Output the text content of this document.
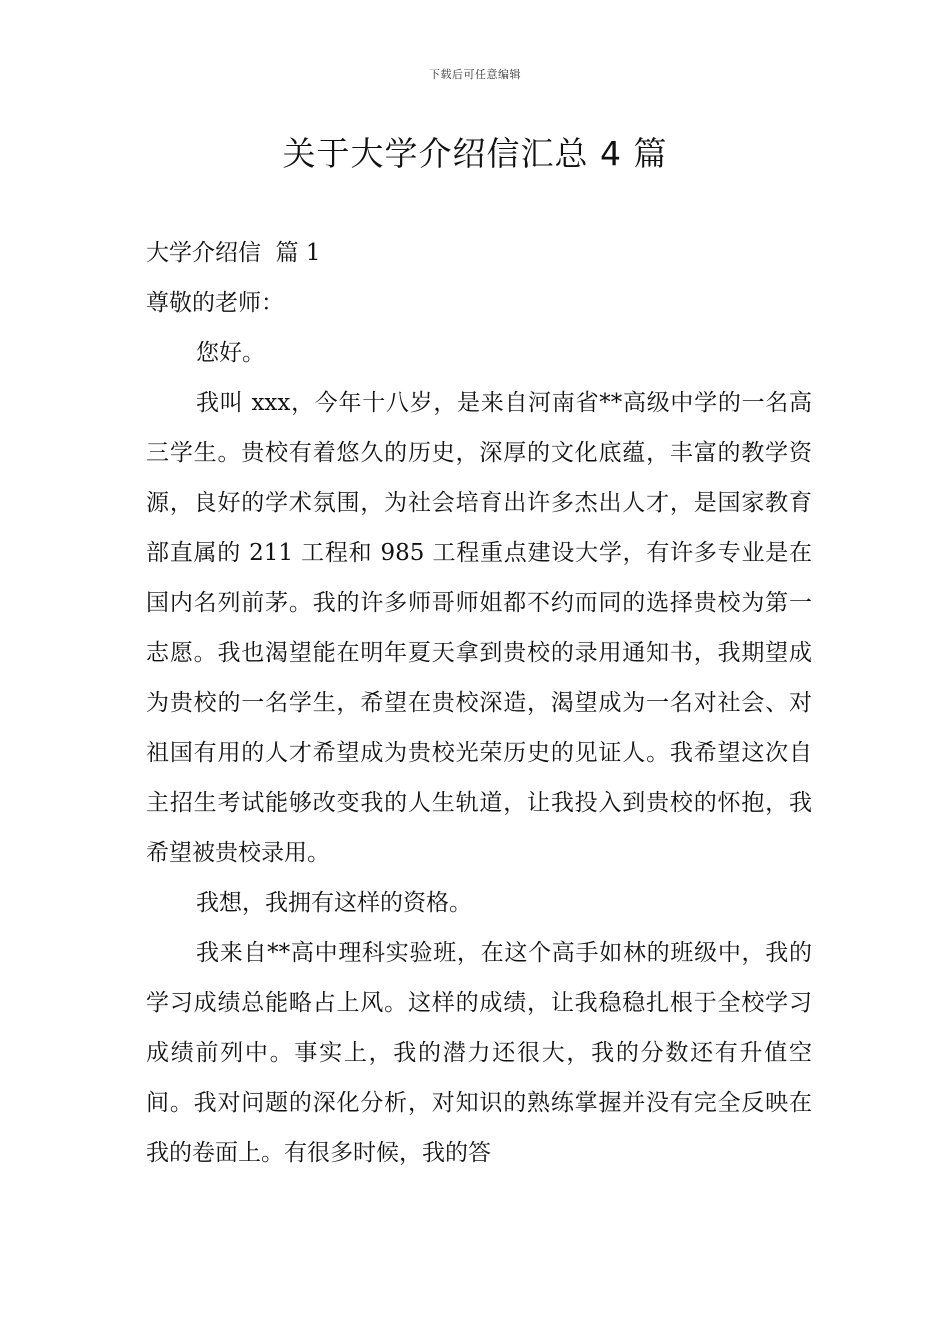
下载后可任意编辑
关于大学介绍信汇总 4 篇

大学介绍信  篇 1

尊敬的老师：

您好。

我叫 xxx，今年十八岁，是来自河南省**高级中学的一名高三学生。贵校有着悠久的历史，深厚的文化底蕴，丰富的教学资源，良好的学术氛围，为社会培育出许多杰出人才，是国家教育部直属的 211 工程和 985 工程重点建设大学，有许多专业是在国内名列前茅。我的许多师哥师姐都不约而同的选择贵校为第一志愿。我也渴望能在明年夏天拿到贵校的录用通知书，我期望成为贵校的一名学生，希望在贵校深造，渴望成为一名对社会、对祖国有用的人才希望成为贵校光荣历史的见证人。我希望这次自主招生考试能够改变我的人生轨道，让我投入到贵校的怀抱，我希望被贵校录用。

我想，我拥有这样的资格。

我来自**高中理科实验班，在这个高手如林的班级中，我的学习成绩总能略占上风。这样的成绩，让我稳稳扎根于全校学习成绩前列中。事实上，我的潜力还很大，我的分数还有升值空间。我对问题的深化分析，对知识的熟练掌握并没有完全反映在我的卷面上。有很多时候，我的答
